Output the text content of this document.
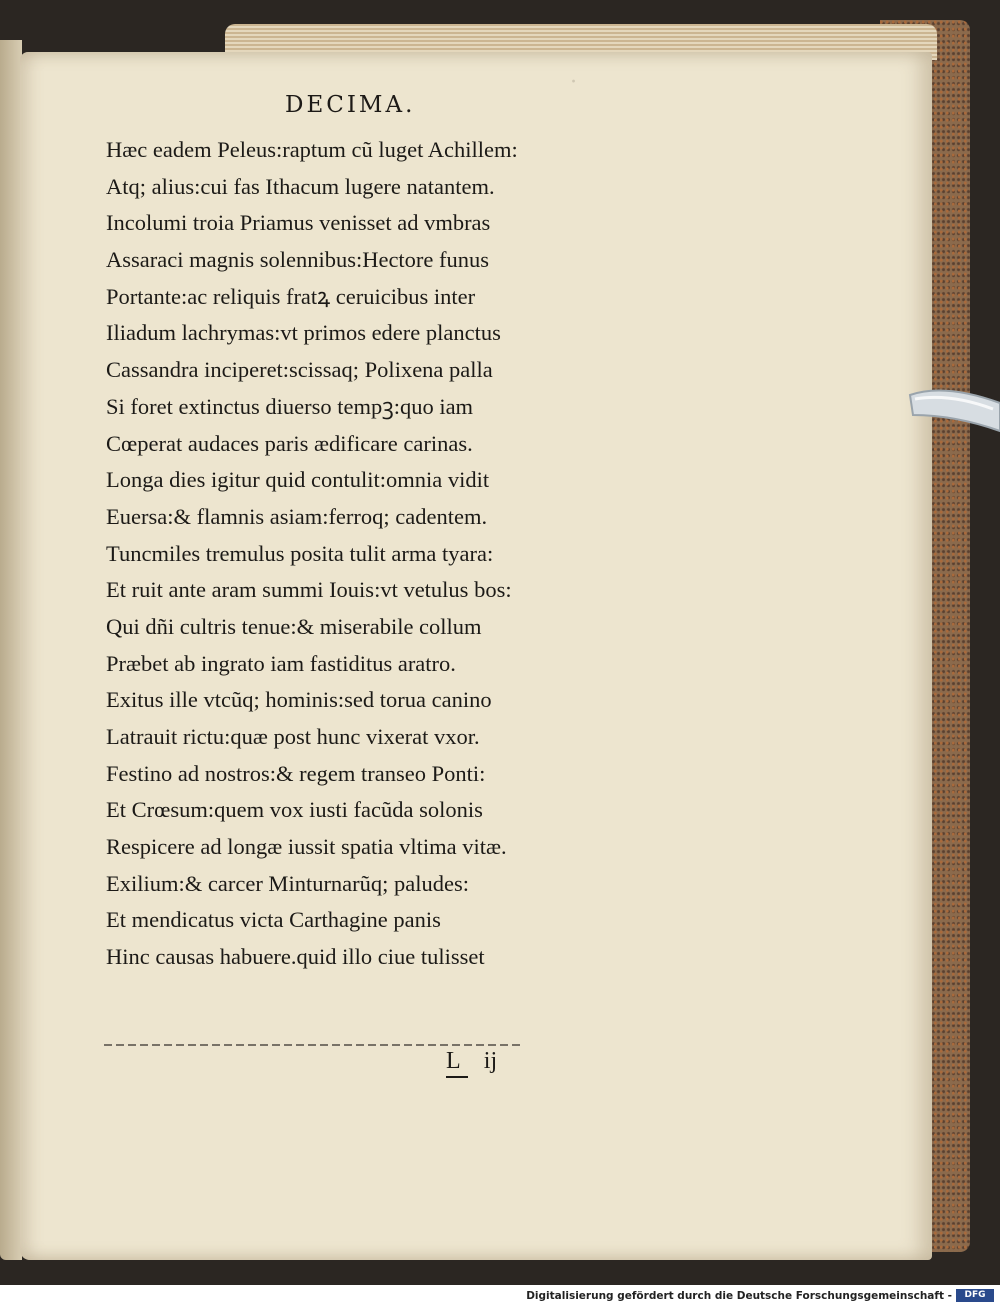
DECIMA.
Hæc eadem Peleus:raptum cũ luget Achillem:
Atq; alius:cui fas Ithacum lugere natantem.
Incolumi troia Priamus venisset ad vmbras
Assaraci magnis solennibus:Hectore funus
Portante:ac reliquis fratꝝ ceruicibus inter
Iliadum lachrymas:vt primos edere planctus
Cassandra inciperet:scissaq; Polixena palla
Si foret extinctus diuerso tempꝫ:quo iam
Cœperat audaces paris ædificare carinas.
Longa dies igitur quid contulit:omnia vidit
Euersa:& flamnis asiam:ferroq; cadentem.
Tuncmiles tremulus posita tulit arma tyara:
Et ruit ante aram summi Iouis:vt vetulus bos:
Qui dñi cultris tenue:& miserabile collum
Præbet ab ingrato iam fastiditus aratro.
Exitus ille vtcũq; hominis:sed torua canino
Latrauit rictu:quæ post hunc vixerat vxor.
Festino ad nostros:& regem transeo Ponti:
Et Crœsum:quem vox iusti facũda solonis
Respicere ad longæ iussit spatia vltima vitæ.
Exilium:& carcer Minturnarũq; paludes:
Et mendicatus victa Carthagine panis
Hinc causas habuere.quid illo ciue tulisset
L ij
Digitalisierung gefördert durch die Deutsche Forschungsgemeinschaft -	DFG
